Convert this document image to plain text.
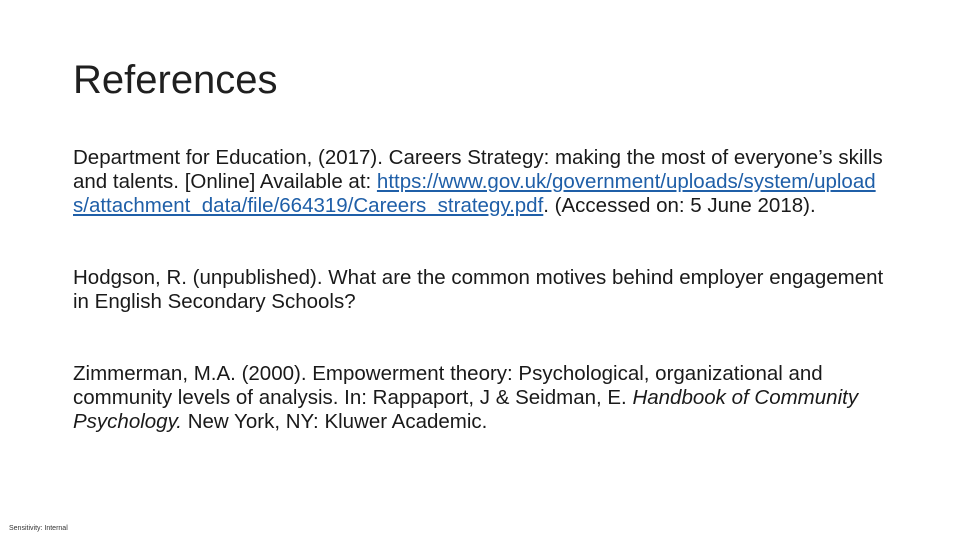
References

Department for Education, (2017). Careers Strategy: making the most of everyone’s skills and talents. [Online] Available at: https://www.gov.uk/government/uploads/system/uploads/attachment_data/file/664319/Careers_strategy.pdf. (Accessed on: 5 June 2018).

Hodgson, R. (unpublished). What are the common motives behind employer engagement in English Secondary Schools?

Zimmerman, M.A. (2000). Empowerment theory: Psychological, organizational and community levels of analysis. In: Rappaport, J & Seidman, E. Handbook of Community Psychology. New York, NY: Kluwer Academic.

Sensitivity: Internal
